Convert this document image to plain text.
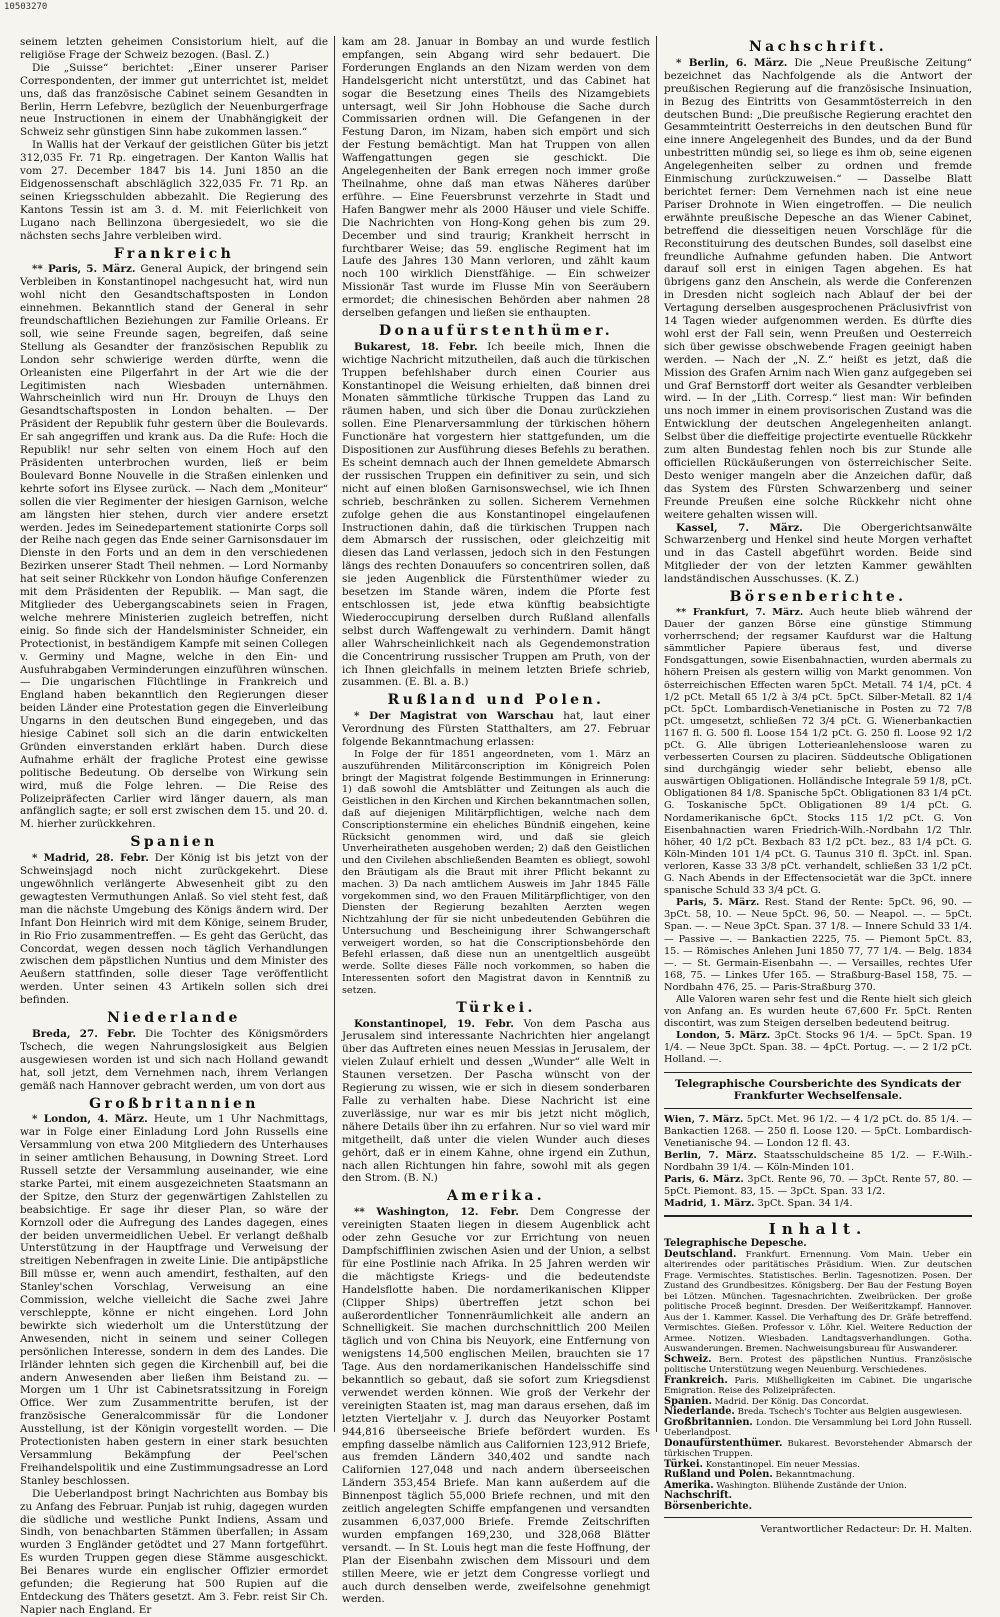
10503270

seinem letzten geheimen Consistorium hielt, auf die religiöse Frage der Schweiz bezogen. (Basl. Z.)

Die „Suisse“ berichtet: „Einer unserer Pariser Correspondenten, der immer gut unterrichtet ist, meldet uns, daß das französische Cabinet seinem Gesandten in Berlin, Herrn Lefebvre, bezüglich der Neuenburgerfrage neue Instructionen in einem der Unabhängigkeit der Schweiz sehr günstigen Sinn habe zukommen lassen.“

In Wallis hat der Verkauf der geistlichen Güter bis jetzt 312,035 Fr. 71 Rp. eingetragen. Der Kanton Wallis hat vom 27. December 1847 bis 14. Juni 1850 an die Eidgenossenschaft abschläglich 322,035 Fr. 71 Rp. an seinen Kriegsschulden abbezahlt. Die Regierung des Kantons Tessin ist am 3. d. M. mit Feierlichkeit von Lugano nach Bellinzona übergesiedelt, wo sie die nächsten sechs Jahre verbleiben wird.

Frankreich

** Paris, 5. März. General Aupick, der bringend sein Verbleiben in Konstantinopel nachgesucht hat, wird nun wohl nicht den Gesandtschaftsposten in London einnehmen. Bekanntlich stand der General in sehr freundschaftlichen Beziehungen zur Familie Orleans. Er soll, wie seine Freunde sagen, begreifen, daß seine Stellung als Gesandter der französischen Republik zu London sehr schwierige werden dürfte, wenn die Orleanisten eine Pilgerfahrt in der Art wie die der Legitimisten nach Wiesbaden unternähmen. Wahrscheinlich wird nun Hr. Drouyn de Lhuys den Gesandtschaftsposten in London behalten. — Der Präsident der Republik fuhr gestern über die Boulevards. Er sah angegriffen und krank aus. Da die Rufe: Hoch die Republik! nur sehr selten von einem Hoch auf den Präsidenten unterbrochen wurden, ließ er beim Boulevard Bonne Nouvelle in die Straßen einlenken und kehrte sofort ins Elysee zurück. — Nach dem „Moniteur“ sollen die vier Regimenter der hiesigen Garnison, welche am längsten hier stehen, durch vier andere ersetzt werden. Jedes im Seinedepartement stationirte Corps soll der Reihe nach gegen das Ende seiner Garnisonsdauer im Dienste in den Forts und an dem in den verschiedenen Bezirken unserer Stadt Theil nehmen. — Lord Normanby hat seit seiner Rückkehr von London häufige Conferenzen mit dem Präsidenten der Republik. — Man sagt, die Mitglieder des Uebergangscabinets seien in Fragen, welche mehrere Ministerien zugleich betreffen, nicht einig. So finde sich der Handelsminister Schneider, ein Protectionist, in beständigem Kampfe mit seinen Collegen v. Germiny und Magne, welche in den Ein- und Ausfuhrabgaben Verminderungen einzuführen wünschen. — Die ungarischen Flüchtlinge in Frankreich und England haben bekanntlich den Regierungen dieser beiden Länder eine Protestation gegen die Einverleibung Ungarns in den deutschen Bund eingegeben, und das hiesige Cabinet soll sich an die darin entwickelten Gründen einverstanden erklärt haben. Durch diese Aufnahme erhält der fragliche Protest eine gewisse politische Bedeutung. Ob derselbe von Wirkung sein wird, muß die Folge lehren. — Die Reise des Polizeipräfecten Carlier wird länger dauern, als man anfänglich sagte; er soll erst zwischen dem 15. und 20. d. M. hierher zurückkehren.

Spanien

* Madrid, 28. Febr. Der König ist bis jetzt von der Schweinsjagd noch nicht zurückgekehrt. Diese ungewöhnlich verlängerte Abwesenheit gibt zu den gewagtesten Vermuthungen Anlaß. So viel steht fest, daß man die nächste Umgebung des Königs ändern wird. Der Infant Don Heinrich wird mit dem Könige, seinem Bruder, in Rio Frio zusammentreffen. — Es geht das Gerücht, das Concordat, wegen dessen noch täglich Verhandlungen zwischen dem päpstlichen Nuntius und dem Minister des Aeußern stattfinden, solle dieser Tage veröffentlicht werden. Unter seinen 43 Artikeln sollen sich drei befinden.

Niederlande

Breda, 27. Febr. Die Tochter des Königsmörders Tschech, die wegen Nahrungslosigkeit aus Belgien ausgewiesen worden ist und sich nach Holland gewandt hat, soll jetzt, dem Vernehmen nach, ihrem Verlangen gemäß nach Hannover gebracht werden, um von dort aus

Großbritannien

* London, 4. März. Heute, um 1 Uhr Nachmittags, war in Folge einer Einladung Lord John Russells eine Versammlung von etwa 200 Mitgliedern des Unterhauses in seiner amtlichen Behausung, in Downing Street. Lord Russell setzte der Versammlung auseinander, wie eine starke Partei, mit einem ausgezeichneten Staatsmann an der Spitze, den Sturz der gegenwärtigen Zahlstellen zu beabsichtige. Er sage ihr dieser Plan, so wäre der Kornzoll oder die Aufregung des Landes dagegen, eines der beiden unvermeidlichen Uebel. Er verlangt deßhalb Unterstützung in der Hauptfrage und Verweisung der streitigen Nebenfragen in zweite Linie. Die antipäpstliche Bill müsse er, wenn auch amendirt, festhalten, auf den Stanley'schen Vorschlag, Verweisung an eine Commission, welche vielleicht die Sache zwei Jahre verschleppte, könne er nicht eingehen. Lord John bewirkte sich wiederholt um die Unterstützung der Anwesenden, nicht in seinem und seiner Collegen persönlichen Interesse, sondern in dem des Landes. Die Irländer lehnten sich gegen die Kirchenbill auf, bei die andern Anwesenden aber ließen ihm Beistand zu. — Morgen um 1 Uhr ist Cabinetsratssitzung in Foreign Office. Wer zum Zusammentritte berufen, ist der französische Generalcommissär für die Londoner Ausstellung, ist der Königin vorgestellt worden. — Die Protectionisten haben gestern in einer stark besuchten Versammlung Bekämpfung der Peel'schen Freihandelspolitik und eine Zustimmungsadresse an Lord Stanley beschlossen.

Die Ueberlandpost bringt Nachrichten aus Bombay bis zu Anfang des Februar. Punjab ist ruhig, dagegen wurden die südliche und westliche Punkt Indiens, Assam und Sindh, von benachbarten Stämmen überfallen; in Assam wurden 3 Engländer getödtet und 27 Mann fortgeführt. Es wurden Truppen gegen diese Stämme ausgeschickt. Bei Benares wurde ein englischer Offizier ermordet gefunden; die Regierung hat 500 Rupien auf die Entdeckung des Thäters gesetzt. Am 3. Febr. reist Sir Ch. Napier nach England. Er

kam am 28. Januar in Bombay an und wurde festlich empfangen, sein Abgang wird sehr bedauert. Die Forderungen Englands an den Nizam werden von dem Handelsgericht nicht unterstützt, und das Cabinet hat sogar die Besetzung eines Theils des Nizamgebiets untersagt, weil Sir John Hobhouse die Sache durch Commissarien ordnen will. Die Gefangenen in der Festung Daron, im Nizam, haben sich empört und sich der Festung bemächtigt. Man hat Truppen von allen Waffengattungen gegen sie geschickt. Die Angelegenheiten der Bank erregen noch immer große Theilnahme, ohne daß man etwas Näheres darüber erführe. — Eine Feuersbrunst verzehrte in Stadt und Hafen Bangwer mehr als 2000 Häuser und viele Schiffe. Die Nachrichten von Hong-Kong gehen bis zum 29. December und sind traurig; Krankheit herrscht in furchtbarer Weise; das 59. englische Regiment hat im Laufe des Jahres 130 Mann verloren, und zählt kaum noch 100 wirklich Dienstfähige. — Ein schweizer Missionär Tast wurde im Flusse Min von Seeräubern ermordet; die chinesischen Behörden aber nahmen 28 derselben gefangen und ließen sie enthaupten.

Donaufürstenthümer.

Bukarest, 18. Febr. Ich beeile mich, Ihnen die wichtige Nachricht mitzutheilen, daß auch die türkischen Truppen befehlshaber durch einen Courier aus Konstantinopel die Weisung erhielten, daß binnen drei Monaten sämmtliche türkische Truppen das Land zu räumen haben, und sich über die Donau zurückziehen sollen. Eine Plenarversammlung der türkischen höhern Functionäre hat vorgestern hier stattgefunden, um die Dispositionen zur Ausführung dieses Befehls zu berathen. Es scheint demnach auch der Ihnen gemeldete Abmarsch der russischen Truppen ein definitiver zu sein, und sich nicht auf einen bloßen Garnisonswechsel, wie ich Ihnen schrieb, beschränken zu sollen. Sicherem Vernehmen zufolge gehen die aus Konstantinopel eingelaufenen Instructionen dahin, daß die türkischen Truppen nach dem Abmarsch der russischen, oder gleichzeitig mit diesen das Land verlassen, jedoch sich in den Festungen längs des rechten Donauufers so concentriren sollen, daß sie jeden Augenblick die Fürstenthümer wieder zu besetzen im Stande wären, indem die Pforte fest entschlossen ist, jede etwa künftig beabsichtigte Wiederoccupirung derselben durch Rußland allenfalls selbst durch Waffengewalt zu verhindern. Damit hängt aller Wahrscheinlichkeit nach als Gegendemonstration die Concentrirung russischer Truppen am Pruth, von der ich Ihnen gleichfalls in meinem letzten Briefe schrieb, zusammen. (E. Bl. a. B.)

Rußland und Polen.

* Der Magistrat von Warschau hat, laut einer Verordnung des Fürsten Statthalters, am 27. Februar folgende Bekanntmachung erlassen:

In Folge der für 1851 angeordneten, vom 1. März an auszuführenden Militärconscription im Königreich Polen bringt der Magistrat folgende Bestimmungen in Erinnerung: 1) daß sowohl die Amtsblätter und Zeitungen als auch die Geistlichen in den Kirchen und Kirchen bekanntmachen sollen, daß auf diejenigen Militärpflichtigen, welche nach dem Conscriptionstermine ein eheliches Bündniß eingehen, keine Rücksicht genommen wird, und daß sie gleich Unverheiratheten ausgehoben werden; 2) daß den Geistlichen und den Civilehen abschließenden Beamten es obliegt, sowohl den Bräutigam als die Braut mit ihrer Pflicht bekannt zu machen. 3) Da nach amtlichem Ausweis im Jahr 1845 Fälle vorgekommen sind, wo den Frauen Militärpflichtiger, von den Diensten der Regierung bezahlten Aerzten wegen Nichtzahlung der für sie nicht unbedeutenden Gebühren die Untersuchung und Bescheinigung ihrer Schwangerschaft verweigert worden, so hat die Conscriptionsbehörde den Befehl erlassen, daß diese nun an unentgeltlich ausgeübt werde. Sollte dieses Fälle noch vorkommen, so haben die Interessenten sofort den Magistrat davon in Kenntniß zu setzen.

Türkei.

Konstantinopel, 19. Febr. Von dem Pascha aus Jerusalem sind interessante Nachrichten hier angelangt über das Auftreten eines neuen Messias in Jerusalem, der vielen Zulauf erhielt und dessen „Wunder“ alle Welt in Staunen versetzen. Der Pascha wünscht von der Regierung zu wissen, wie er sich in diesem sonderbaren Falle zu verhalten habe. Diese Nachricht ist eine zuverlässige, nur war es mir bis jetzt nicht möglich, nähere Details über ihn zu erfahren. Nur so viel ward mir mitgetheilt, daß unter die vielen Wunder auch dieses gehört, daß er in einem Kahne, ohne irgend ein Zuthun, nach allen Richtungen hin fahre, sowohl mit als gegen den Strom. (B. N.)

Amerika.

** Washington, 12. Febr. Dem Congresse der vereinigten Staaten liegen in diesem Augenblick acht oder zehn Gesuche vor zur Errichtung von neuen Dampfschifflinien zwischen Asien und der Union, a selbst für eine Postlinie nach Afrika. In 25 Jahren werden wir die mächtigste Kriegs- und die bedeutendste Handelsflotte haben. Die nordamerikanischen Klipper (Clipper Ships) übertreffen jetzt schon bei außerordentlicher Tonnenräumlichkeit alle andern an Schnelligkeit. Sie machen durchschnittlich 200 Meilen täglich und von China bis Neuyork, eine Entfernung von wenigstens 14,500 englischen Meilen, brauchten sie 17 Tage. Aus den nordamerikanischen Handelsschiffe sind bekanntlich so gebaut, daß sie sofort zum Kriegsdienst verwendet werden können. Wie groß der Verkehr der vereinigten Staaten ist, mag man daraus ersehen, daß im letzten Vierteljahr v. J. durch das Neuyorker Postamt 944,816 überseeische Briefe befördert wurden. Es empfing dasselbe nämlich aus Californien 123,912 Briefe, aus fremden Ländern 340,402 und sandte nach Californien 127,048 und nach andern überseeischen Ländern 353,454 Briefe. Man kann außerdem auf die Binnenpost täglich 55,000 Briefe rechnen, und mit den zeitlich angelegten Schiffe empfangenen und versandten zusammen 6,037,000 Briefe. Fremde Zeitschriften wurden empfangen 169,230, und 328,068 Blätter versandt. — In St. Louis hegt man die feste Hoffnung, der Plan der Eisenbahn zwischen dem Missouri und dem stillen Meere, wie er jetzt dem Congresse vorliegt und auch durch denselben werde, zweifelsohne genehmigt werden.

Nachschrift.

* Berlin, 6. März. Die „Neue Preußische Zeitung“ bezeichnet das Nachfolgende als die Antwort der preußischen Regierung auf die französische Insinuation, in Bezug des Eintritts von Gesammtösterreich in den deutschen Bund: „Die preußische Regierung erachtet den Gesammteintritt Oesterreichs in den deutschen Bund für eine innere Angelegenheit des Bundes, und da der Bund unbestritten mündig sei, so liege es ihm ob, seine eigenen Angelegenheiten selber zu ordnen und fremde Einmischung zurückzuweisen.“ — Dasselbe Blatt berichtet ferner: Dem Vernehmen nach ist eine neue Pariser Drohnote in Wien eingetroffen. — Die neulich erwähnte preußische Depesche an das Wiener Cabinet, betreffend die diesseitigen neuen Vorschläge für die Reconstituirung des deutschen Bundes, soll daselbst eine freundliche Aufnahme gefunden haben. Die Antwort darauf soll erst in einigen Tagen abgehen. Es hat übrigens ganz den Anschein, als werde die Conferenzen in Dresden nicht sogleich nach Ablauf der bei der Vertagung derselben ausgesprochenen Präclusivfrist von 14 Tagen wieder aufgenommen werden. Es dürfte dies wohl erst der Fall sein, wenn Preußen und Oesterreich sich über gewisse obschwebende Fragen geeinigt haben werden. — Nach der „N. Z.“ heißt es jetzt, daß die Mission des Grafen Arnim nach Wien ganz aufgegeben sei und Graf Bernstorff dort weiter als Gesandter verbleiben wird. — In der „Lith. Corresp.“ liest man: Wir befinden uns noch immer in einem provisorischen Zustand was die Entwicklung der deutschen Angelegenheiten anlangt. Selbst über die dieffeitige projectirte eventuelle Rückkehr zum alten Bundestag fehlen noch bis zur Stunde alle officiellen Rückäußerungen von österreichischer Seite. Desto weniger mangeln aber die Anzeichen dafür, daß das System des Fürsten Schwarzenberg und seiner Freunde Preußen eine solche Rückkehr nicht ohne weitere gehalten wissen will.

Kassel, 7. März. Die Obergerichtsanwälte Schwarzenberg und Henkel sind heute Morgen verhaftet und in das Castell abgeführt worden. Beide sind Mitglieder der von der letzten Kammer gewählten landständischen Ausschusses. (K. Z.)

Börsenberichte.

** Frankfurt, 7. März. Auch heute blieb während der Dauer der ganzen Börse eine günstige Stimmung vorherrschend; der regsamer Kaufdurst war die Haltung sämmtlicher Papiere überaus fest, und diverse Fondsgattungen, sowie Eisenbahnactien, wurden abermals zu höhern Preisen als gestern willig von Markt genommen. Von österreichischen Effecten waren 5pCt. Metall. 74 1/4, pCt. 4 1/2 pCt. Metall 65 1/2 à 3/4 pCt. 5pCt. Silber-Metall. 82 1/4 pCt. 5pCt. Lombardisch-Venetianische in Posten zu 72 7/8 pCt. umgesetzt, schließen 72 3/4 pCt. G. Wienerbankactien 1167 fl. G. 500 fl. Loose 154 1/2 pCt. G. 250 fl. Loose 92 1/2 pCt. G. Alle übrigen Lotterieanlehensloose waren zu verbesserten Coursen zu placiren. Süddeutsche Obligationen sind durchgängig wieder sehr beliebt, ebenso alle auswärtigen Obligationen. Holländische Integrale 59 1/8, pCt. Obligationen 84 1/8. Spanische 5pCt. Obligationen 83 1/4 pCt. G. Toskanische 5pCt. Obligationen 89 1/4 pCt. G. Nordamerikanische 6pCt. Stocks 115 1/2 pCt. G. Von Eisenbahnactien waren Friedrich-Wilh.-Nordbahn 1/2 Thlr. höher, 40 1/2 pCt. Bexbach 83 1/2 pCt. bez., 83 1/4 pCt. G. Köln-Minden 101 1/4 pCt. G. Taunus 310 fl. 3pCt. inl. Span. verloren, Kasse 33 3/8 pCt. verhandelt, schließen 33 1/2 pCt. G. Nach Abends in der Effectensocietät war die 3pCt. innere spanische Schuld 33 3/4 pCt. G.

Paris, 5. März. Rest. Stand der Rente: 5pCt. 96, 90. — 3pCt. 58, 10. — Neue 5pCt. 96, 50. — Neapol. —. — 5pCt. Span. —. — Neue 3pCt. Span. 37 1/8. — Innere Schuld 33 1/4. — Passive —. — Bankactien 2225, 75. — Piemont 5pCt. 83, 15. — Römisches Anlehen Juni 1850 77, 77 1/4. — Belg. 1834 —. — St. Germain-Eisenbahn —. — Versailles, rechtes Ufer 168, 75. — Linkes Ufer 165. — Straßburg-Basel 158, 75. — Nordbahn 476, 25. — Paris-Straßburg 370.

Alle Valoren waren sehr fest und die Rente hielt sich gleich von Anfang an. Es wurden heute 67,600 Fr. 5pCt. Renten discontirt, was zum Steigen derselben bedeutend beitrug.

London, 5. März. 3pCt. Stocks 96 1/4. — 5pCt. Span. 19 1/4. — Neue 3pCt. Span. 38. — 4pCt. Portug. —. — 2 1/2 pCt. Holland. —.

Telegraphische Coursberichte des Syndicats der Frankfurter Wechselfensale.

Wien, 7. März. 5pCt. Met. 96 1/2. — 4 1/2 pCt. do. 85 1/4. — Bankactien 1268. — 250 fl. Loose 120. — 5pCt. Lombardisch-Venetianische 94. — London 12 fl. 43.

Berlin, 7. März. Staatsschuldscheine 85 1/2. — F.-Wilh.-Nordbahn 39 1/4. — Köln-Minden 101.

Paris, 6. März. 3pCt. Rente 96, 70. — 3pCt. Rente 57, 80. — 5pCt. Piemont. 83, 15. — 3pCt. Span. 33 1/2.

Madrid, 1. März. 3pCt. Span. 34 1/4.

Inhalt.

Telegraphische Depesche.

Deutschland. Frankfurt. Ernennung. Vom Main. Ueber ein alterirendes oder paritätisches Präsidium. Wien. Zur deutschen Frage. Vermischtes. Statistisches. Berlin. Tagesnotizen. Posen. Der Zustand des Grundbesitzes. Königsberg. Der Bau der Festung Boyen bei Lötzen. München. Tagesnachrichten. Zweibrücken. Der große politische Proceß beginnt. Dresden. Der Weißeritzkampf. Hannover. Aus der 1. Kammer. Kassel. Die Verhaftung des Dr. Gräfe betreffend. Vermischtes. Gießen. Professor v. Löhr. Kiel. Weitere Reduction der Armee. Notizen. Wiesbaden. Landtagsverhandlungen. Gotha. Auswanderungen. Bremen. Nachweisungsbureau für Auswanderer.

Schweiz. Bern. Protest des päpstlichen Nuntius. Französische politische Unterstützung wegen Neuenburg. Verschiedenes.

Frankreich. Paris. Mißhelligkeiten im Cabinet. Die ungarische Emigration. Reise des Polizeipräfecten.

Spanien. Madrid. Der König. Das Concordat.

Niederlande. Breda. Tschech's Tochter aus Belgien ausgewiesen.

Großbritannien. London. Die Versammlung bei Lord John Russell. Ueberlandpost.

Donaufürstenthümer. Bukarest. Bevorstehender Abmarsch der türkischen Truppen.

Türkei. Konstantinopel. Ein neuer Messias.

Rußland und Polen. Bekanntmachung.

Amerika. Washington. Blühende Zustände der Union.

Nachschrift.

Börsenberichte.

Verantwortlicher Redacteur: Dr. H. Malten.
